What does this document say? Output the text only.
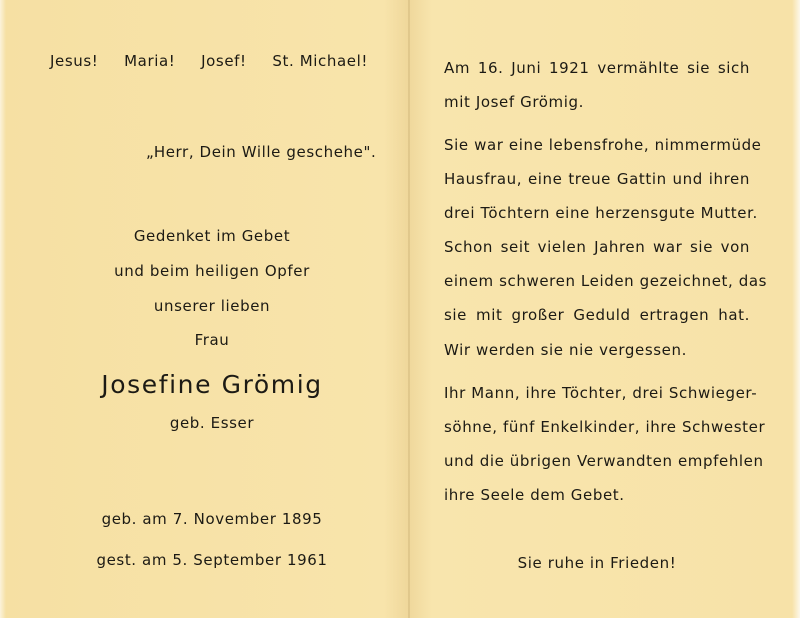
Jesus! Maria! Josef! St. Michael!
„Herr, Dein Wille geschehe".
Gedenket im Gebet
und beim heiligen Opfer
unserer lieben
Frau
Josefine Grömig
geb. Esser
geb. am 7. November 1895
gest. am 5. September 1961
Am 16. Juni 1921 vermählte sie sich
mit Josef Grömig.
Sie war eine lebensfrohe, nimmermüde
Hausfrau, eine treue Gattin und ihren
drei Töchtern eine herzensgute Mutter.
Schon seit vielen Jahren war sie von
einem schweren Leiden gezeichnet, das
sie mit großer Geduld ertragen hat.
Wir werden sie nie vergessen.
Ihr Mann, ihre Töchter, drei Schwieger-
söhne, fünf Enkelkinder, ihre Schwester
und die übrigen Verwandten empfehlen
ihre Seele dem Gebet.
Sie ruhe in Frieden!
